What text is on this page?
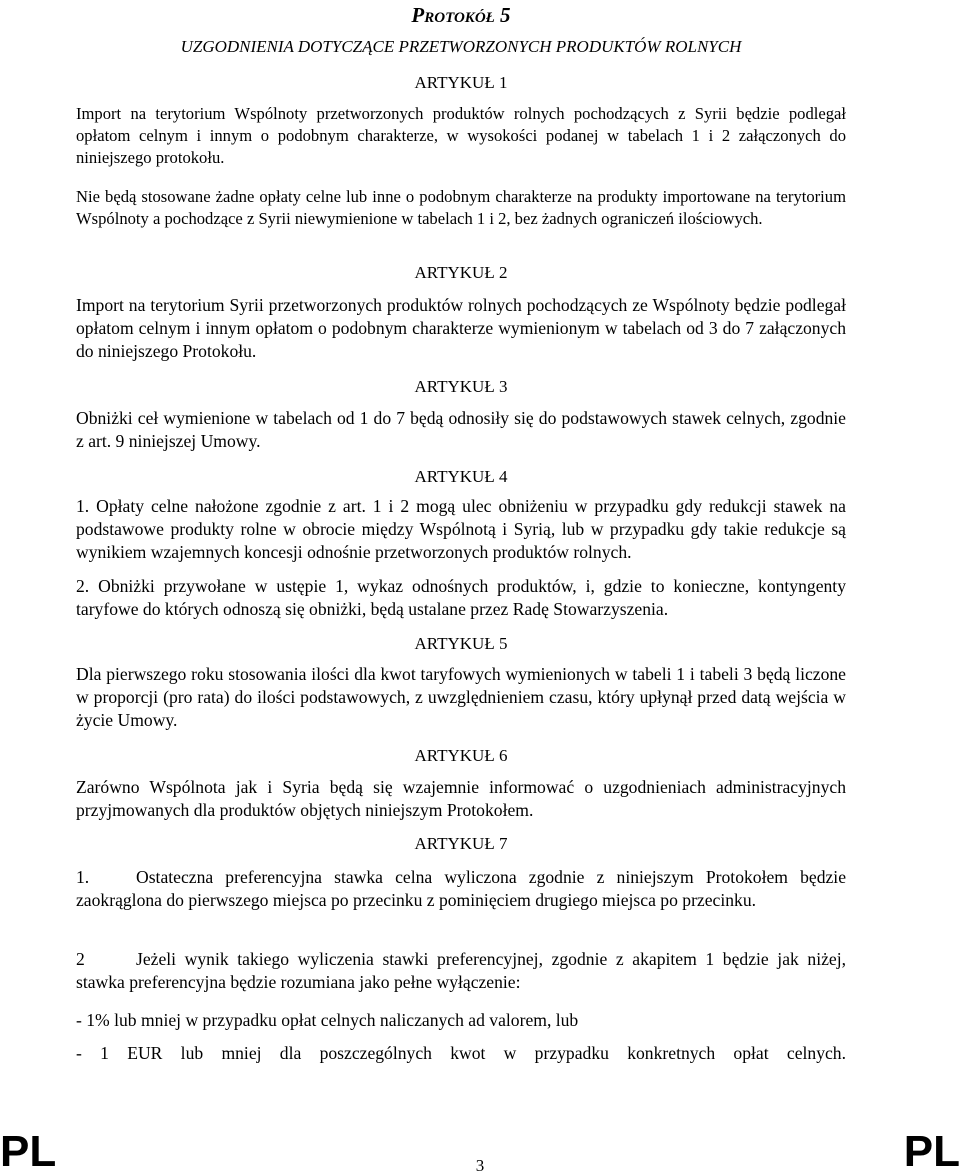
Protokół 5
UZGODNIENIA DOTYCZĄCE PRZETWORZONYCH PRODUKTÓW ROLNYCH
ARTYKUŁ 1
Import na terytorium Wspólnoty przetworzonych produktów rolnych pochodzących z Syrii będzie podlegał opłatom celnym i innym o podobnym charakterze, w wysokości podanej w tabelach 1 i 2 załączonych do niniejszego protokołu.
Nie będą stosowane żadne opłaty celne lub inne o podobnym charakterze na produkty importowane na terytorium Wspólnoty a pochodzące z Syrii niewymienione w tabelach 1 i 2, bez żadnych ograniczeń ilościowych.
ARTYKUŁ 2
Import na terytorium Syrii przetworzonych produktów rolnych pochodzących ze Wspólnoty będzie podlegał opłatom celnym i innym opłatom o podobnym charakterze wymienionym w tabelach od 3 do 7 załączonych do niniejszego Protokołu.
ARTYKUŁ 3
Obniżki ceł wymienione w tabelach od 1 do 7 będą odnosiły się do podstawowych stawek celnych, zgodnie z art. 9 niniejszej Umowy.
ARTYKUŁ 4
1. Opłaty celne nałożone zgodnie z art. 1 i 2 mogą ulec obniżeniu w przypadku gdy redukcji stawek na podstawowe produkty rolne w obrocie między Wspólnotą i Syrią, lub w przypadku gdy takie redukcje są wynikiem wzajemnych koncesji odnośnie przetworzonych produktów rolnych.
2. Obniżki przywołane w ustępie 1, wykaz odnośnych produktów, i, gdzie to konieczne, kontyngenty taryfowe do których odnoszą się obniżki, będą ustalane przez Radę Stowarzyszenia.
ARTYKUŁ 5
Dla pierwszego roku stosowania ilości dla kwot taryfowych wymienionych w tabeli 1 i tabeli 3 będą liczone w proporcji (pro rata) do ilości podstawowych, z uwzględnieniem czasu, który upłynął przed datą wejścia w życie Umowy.
ARTYKUŁ 6
Zarówno Wspólnota jak i Syria będą się wzajemnie informować o uzgodnieniach administracyjnych przyjmowanych dla produktów objętych niniejszym Protokołem.
ARTYKUŁ 7
1.	Ostateczna preferencyjna stawka celna wyliczona zgodnie z niniejszym Protokołem będzie zaokrąglona do pierwszego miejsca po przecinku z pominięciem drugiego miejsca po przecinku.
2	Jeżeli wynik takiego wyliczenia stawki preferencyjnej, zgodnie z akapitem 1 będzie jak niżej, stawka preferencyjna będzie rozumiana jako pełne wyłączenie:
- 1% lub mniej w przypadku opłat celnych naliczanych ad valorem, lub
- 1 EUR lub mniej dla poszczególnych kwot w przypadku konkretnych opłat celnych.
PL	3	PL
